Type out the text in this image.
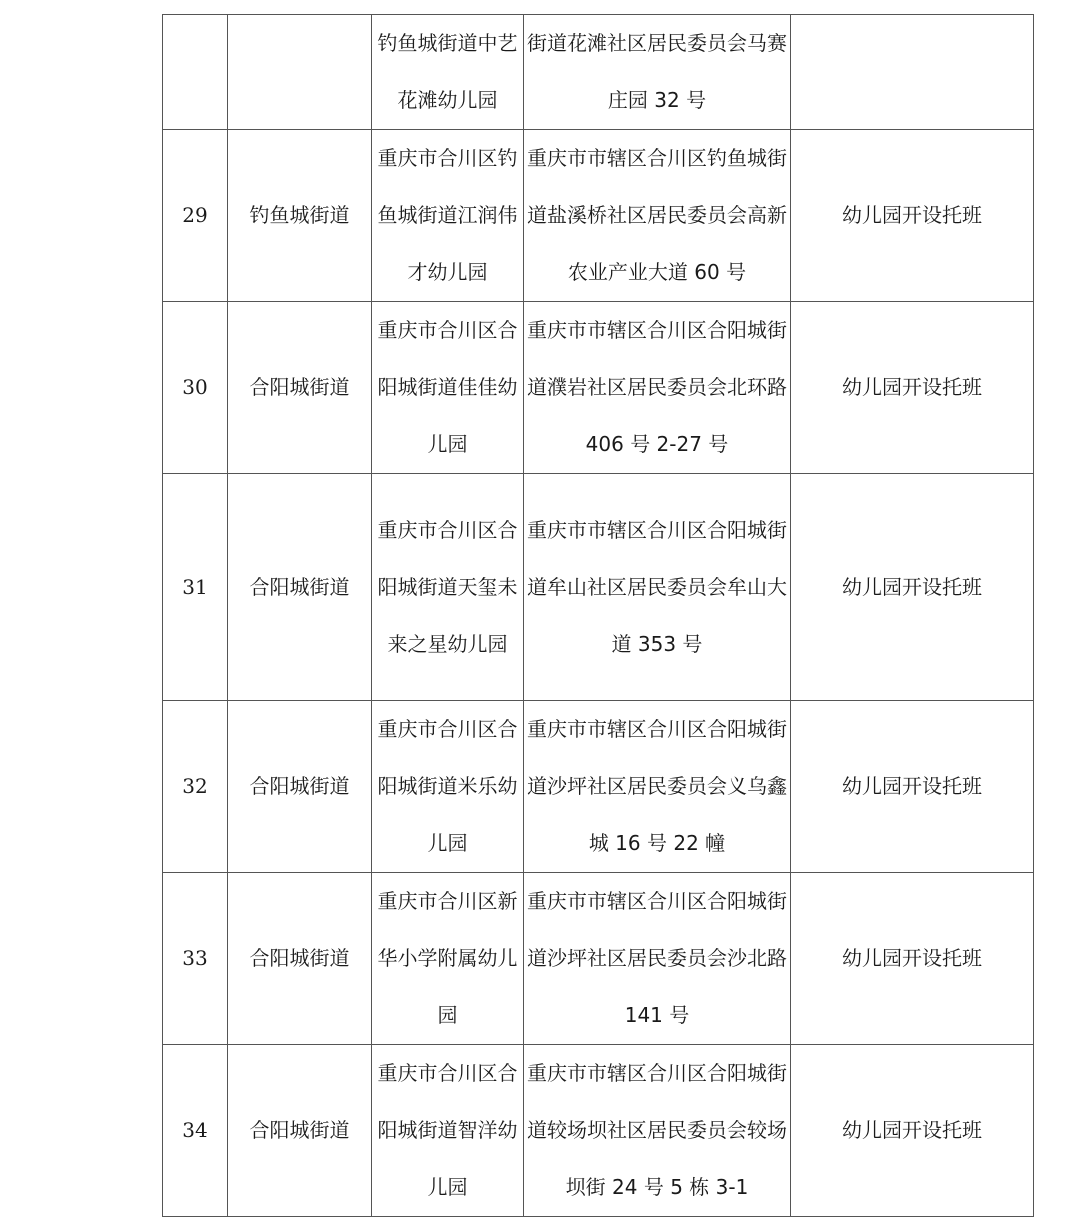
		钓鱼城街道中艺花滩幼儿园	街道花滩社区居民委员会马赛庄园 32 号	
29	钓鱼城街道	重庆市合川区钓鱼城街道江润伟才幼儿园	重庆市市辖区合川区钓鱼城街道盐溪桥社区居民委员会高新农业产业大道 60 号	幼儿园开设托班
30	合阳城街道	重庆市合川区合阳城街道佳佳幼儿园	重庆市市辖区合川区合阳城街道濮岩社区居民委员会北环路 406 号 2-27 号	幼儿园开设托班
31	合阳城街道	重庆市合川区合阳城街道天玺未来之星幼儿园	重庆市市辖区合川区合阳城街道牟山社区居民委员会牟山大道 353 号	幼儿园开设托班
32	合阳城街道	重庆市合川区合阳城街道米乐幼儿园	重庆市市辖区合川区合阳城街道沙坪社区居民委员会义乌鑫城 16 号 22 幢	幼儿园开设托班
33	合阳城街道	重庆市合川区新华小学附属幼儿园	重庆市市辖区合川区合阳城街道沙坪社区居民委员会沙北路 141 号	幼儿园开设托班
34	合阳城街道	重庆市合川区合阳城街道智洋幼儿园	重庆市市辖区合川区合阳城街道较场坝社区居民委员会较场坝街 24 号 5 栋 3-1	幼儿园开设托班
